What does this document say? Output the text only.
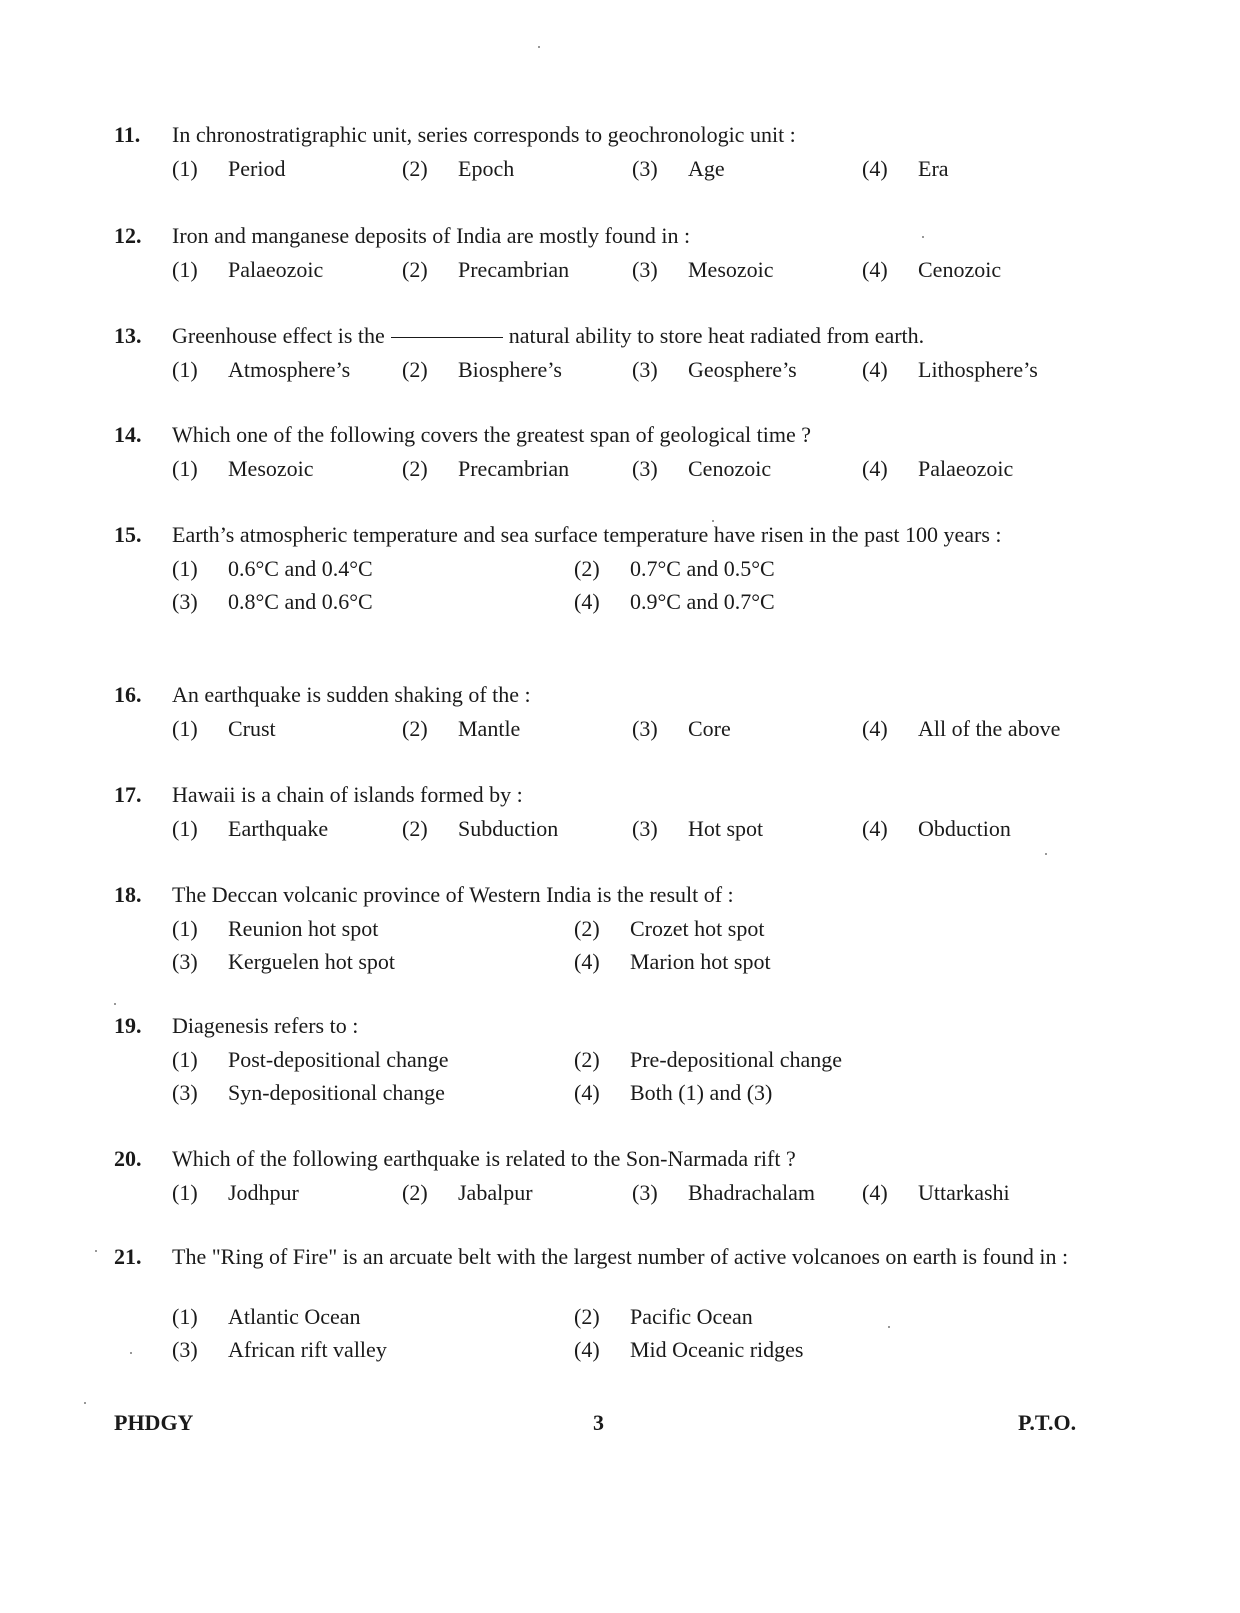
11. In chronostratigraphic unit, series corresponds to geochronologic unit :
(1) Period	(2) Epoch	(3) Age	(4) Era
12. Iron and manganese deposits of India are mostly found in :
(1) Palaeozoic	(2) Precambrian	(3) Mesozoic	(4) Cenozoic
13. Greenhouse effect is the	natural ability to store heat radiated from earth.
(1) Atmosphere’s (2) Biosphere’s	(3) Geosphere’s	(4) Lithosphere’s
14. Which one of the following covers the greatest span of geological time ?
(1) Mesozoic	(2) Precambrian	(3) Cenozoic	(4) Palaeozoic
15. Earth’s atmospheric temperature and sea surface temperature have risen in the past 100 years :
(1) 0.6°C and 0.4°C	(2) 0.7°C and 0.5°C
(3) 0.8°C and 0.6°C	(4) 0.9°C and 0.7°C
16. An earthquake is sudden shaking of the :
(1) Crust	(2) Mantle	(3) Core	(4) All of the above
17. Hawaii is a chain of islands formed by :
(1) Earthquake	(2) Subduction	(3) Hot spot	(4) Obduction
18. The Deccan volcanic province of Western India is the result of :
(1) Reunion hot spot	(2) Crozet hot spot
(3) Kerguelen hot spot	(4) Marion hot spot
19. Diagenesis refers to :
(1) Post-depositional change	(2) Pre-depositional change
(3) Syn-depositional change	(4) Both (1) and (3)
20. Which of the following earthquake is related to the Son-Narmada rift ?
(1) Jodhpur	(2) Jabalpur	(3) Bhadrachalam (4) Uttarkashi
21. The "Ring of Fire" is an arcuate belt with the largest number of active volcanoes on earth is found in :
(1) Atlantic Ocean	(2) Pacific Ocean
(3) African rift valley	(4) Mid Oceanic ridges
PHDGY	3	P.T.O.
